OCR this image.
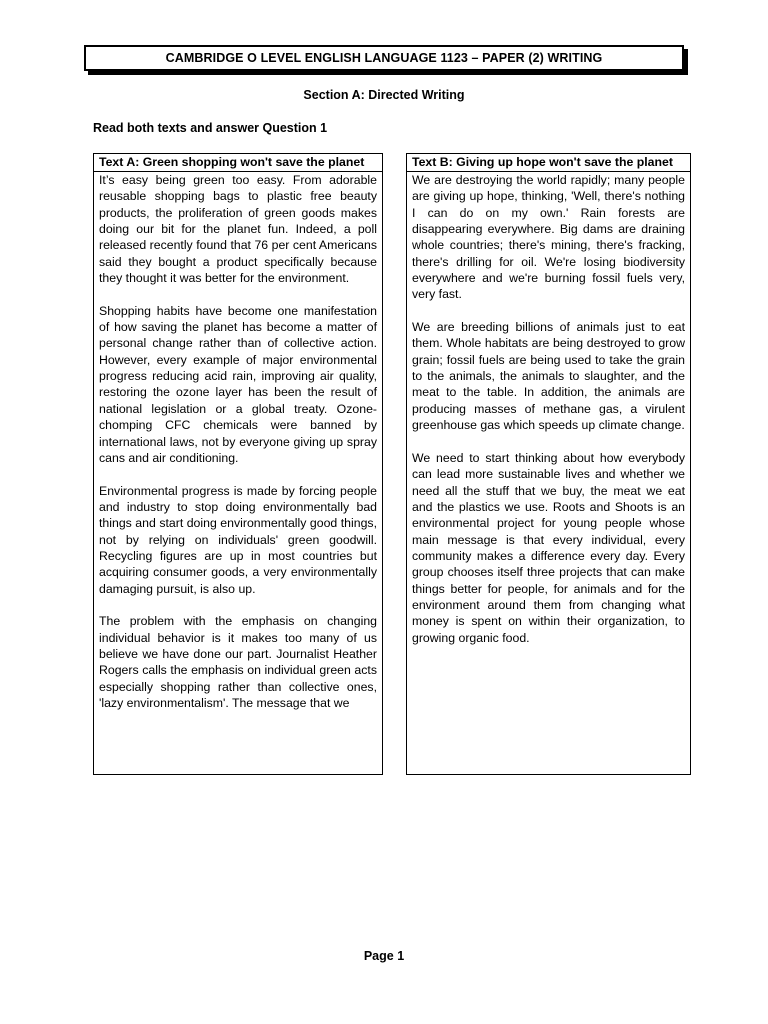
CAMBRIDGE O LEVEL ENGLISH LANGUAGE 1123 – PAPER (2) WRITING
Section A: Directed Writing
Read both texts and answer Question 1
Text A: Green shopping won't save the planet

It’s easy being green too easy. From adorable reusable shopping bags to plastic free beauty products, the proliferation of green goods makes doing our bit for the planet fun. Indeed, a poll released recently found that 76 per cent Americans said they bought a product specifically because they thought it was better for the environment.

Shopping habits have become one manifestation of how saving the planet has become a matter of personal change rather than of collective action. However, every example of major environmental progress reducing acid rain, improving air quality, restoring the ozone layer has been the result of national legislation or a global treaty. Ozone-chomping CFC chemicals were banned by international laws, not by everyone giving up spray cans and air conditioning.

Environmental progress is made by forcing people and industry to stop doing environmentally bad things and start doing environmentally good things, not by relying on individuals' green goodwill. Recycling figures are up in most countries but acquiring consumer goods, a very environmentally damaging pursuit, is also up.

The problem with the emphasis on changing individual behavior is it makes too many of us believe we have done our part. Journalist Heather Rogers calls the emphasis on individual green acts especially shopping rather than collective ones, 'lazy environmentalism'. The message that we

Text B: Giving up hope won't save the planet

We are destroying the world rapidly; many people are giving up hope, thinking, 'Well, there's nothing I can do on my own.' Rain forests are disappearing everywhere. Big dams are draining whole countries; there's mining, there's fracking, there's drilling for oil. We're losing biodiversity everywhere and we're burning fossil fuels very, very fast.

We are breeding billions of animals just to eat them. Whole habitats are being destroyed to grow grain; fossil fuels are being used to take the grain to the animals, the animals to slaughter, and the meat to the table. In addition, the animals are producing masses of methane gas, a virulent greenhouse gas which speeds up climate change.

We need to start thinking about how everybody can lead more sustainable lives and whether we need all the stuff that we buy, the meat we eat and the plastics we use. Roots and Shoots is an environmental project for young people whose main message is that every individual, every community makes a difference every day. Every group chooses itself three projects that can make things better for people, for animals and for the environment around them from changing what money is spent on within their organization, to growing organic food.

Page 1
